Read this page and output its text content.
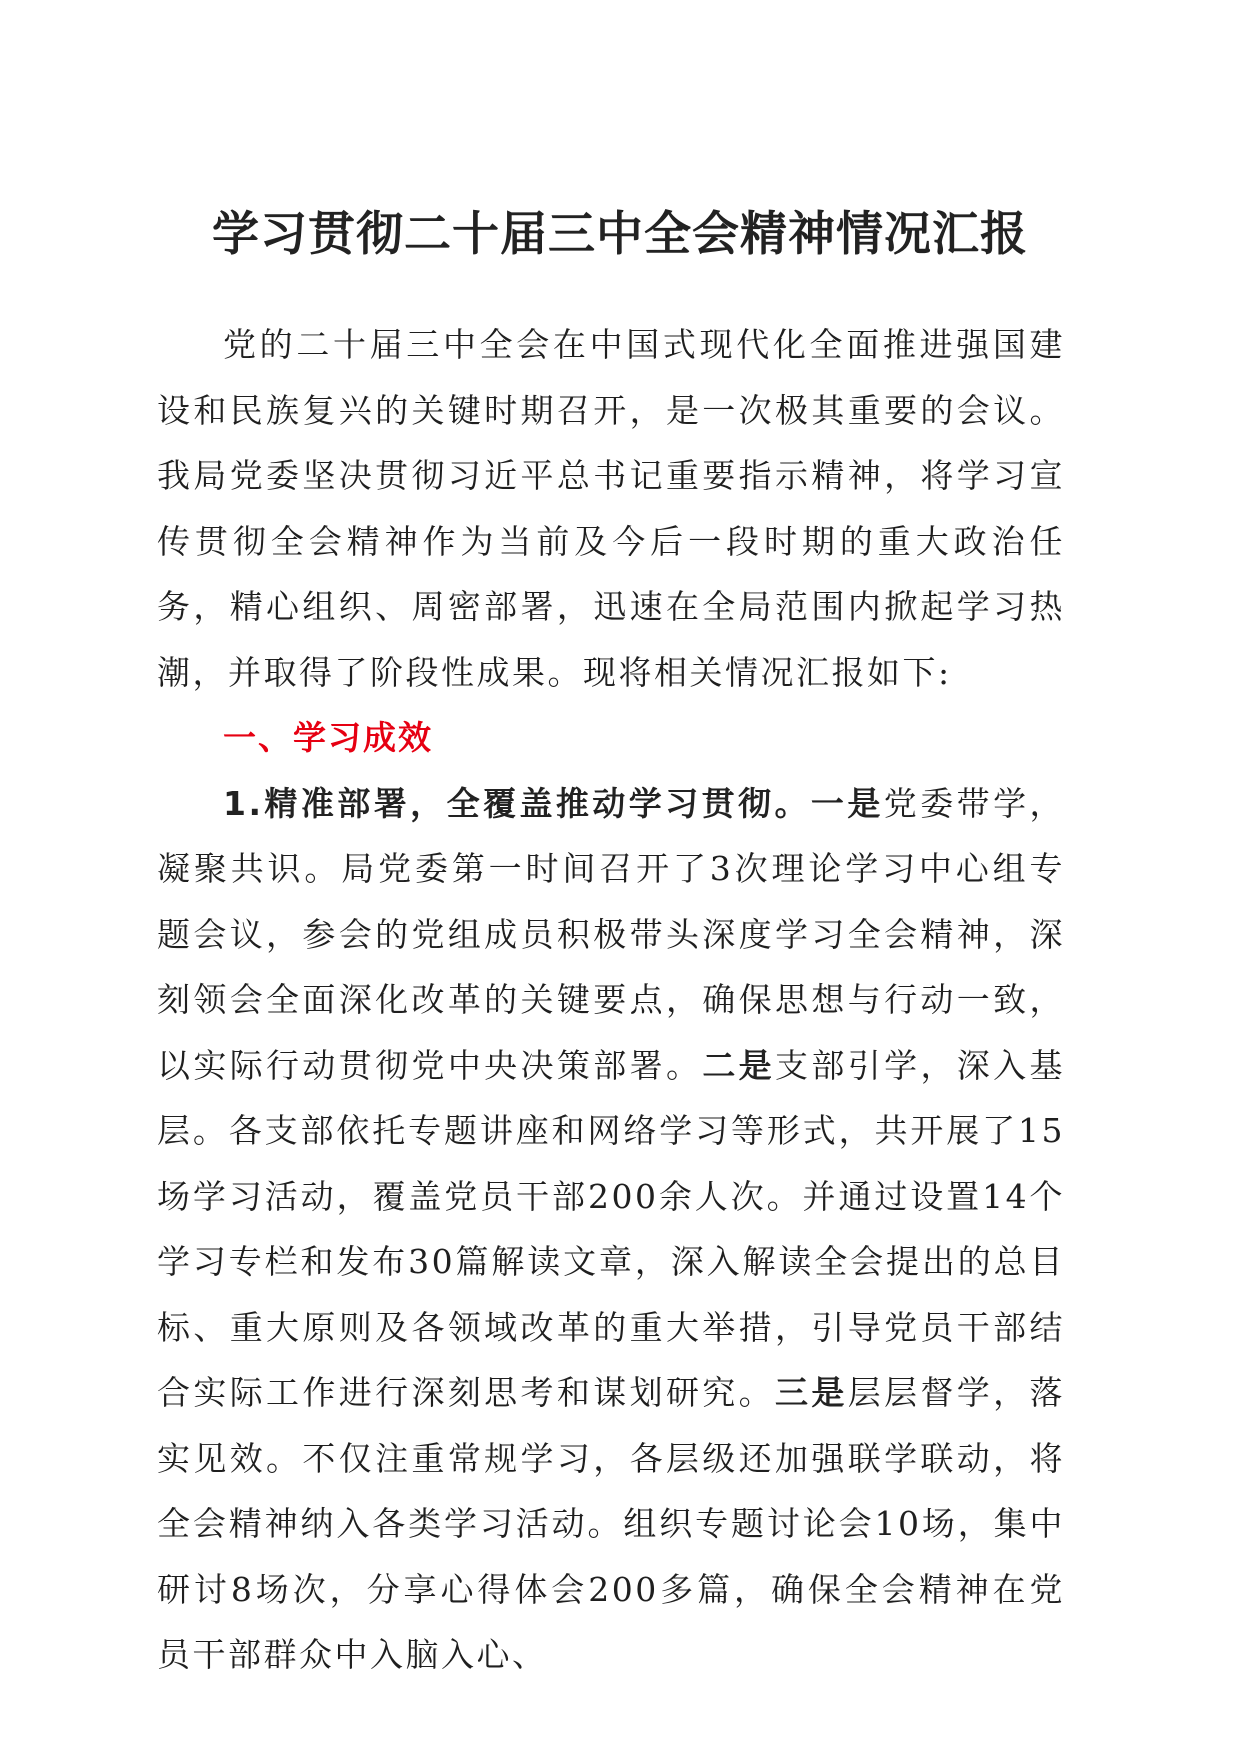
学习贯彻二十届三中全会精神情况汇报

党的二十届三中全会在中国式现代化全面推进强国建设和民族复兴的关键时期召开，是一次极其重要的会议。我局党委坚决贯彻习近平总书记重要指示精神，将学习宣传贯彻全会精神作为当前及今后一段时期的重大政治任务，精心组织、周密部署，迅速在全局范围内掀起学习热潮，并取得了阶段性成果。现将相关情况汇报如下:

一、学习成效

1.精准部署，全覆盖推动学习贯彻。一是党委带学，凝聚共识。局党委第一时间召开了3次理论学习中心组专题会议，参会的党组成员积极带头深度学习全会精神，深刻领会全面深化改革的关键要点，确保思想与行动一致，以实际行动贯彻党中央决策部署。二是支部引学，深入基层。各支部依托专题讲座和网络学习等形式，共开展了15场学习活动，覆盖党员干部200余人次。并通过设置14个学习专栏和发布30篇解读文章，深入解读全会提出的总目标、重大原则及各领域改革的重大举措，引导党员干部结合实际工作进行深刻思考和谋划研究。三是层层督学，落实见效。不仅注重常规学习，各层级还加强联学联动，将全会精神纳入各类学习活动。组织专题讨论会10场，集中研讨8场次，分享心得体会200多篇，确保全会精神在党员干部群众中入脑入心、
